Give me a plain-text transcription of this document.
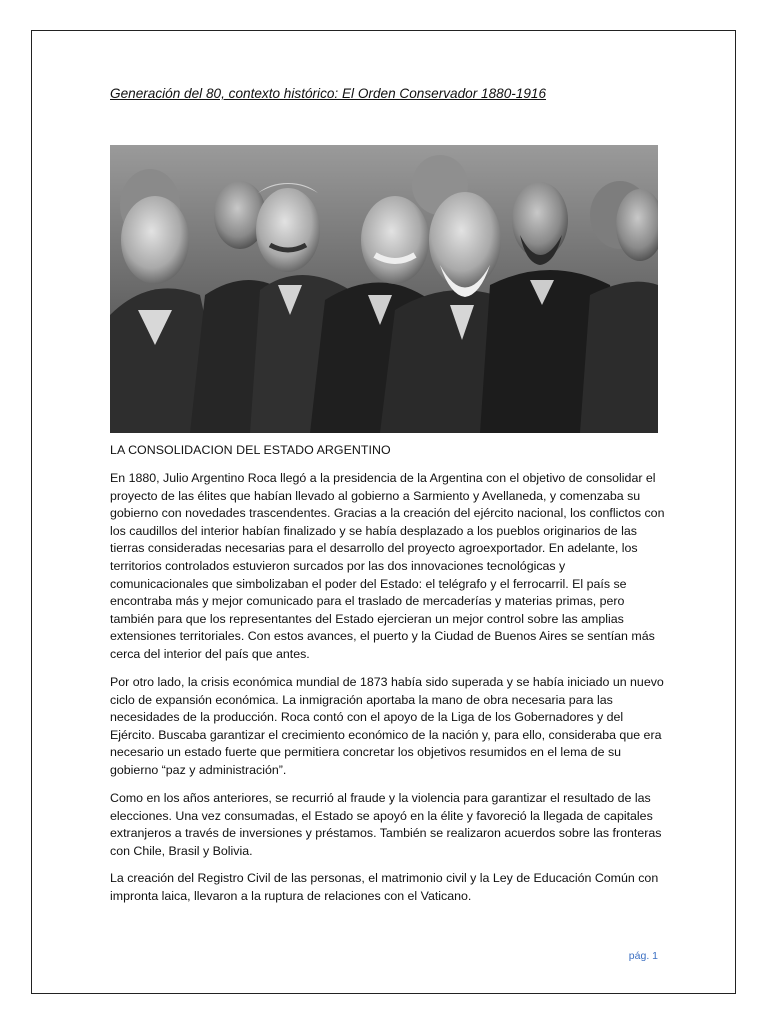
Generación del 80, contexto histórico: El Orden Conservador 1880-1916
LA CONSOLIDACION DEL ESTADO ARGENTINO

En 1880, Julio Argentino Roca llegó a la presidencia de la Argentina con el objetivo de consolidar el proyecto de las élites que habían llevado al gobierno a Sarmiento y Avellaneda, y comenzaba su gobierno con novedades trascendentes. Gracias a la creación del ejército nacional, los conflictos con los caudillos del interior habían finalizado y se había desplazado a los pueblos originarios de las tierras consideradas necesarias para el desarrollo del proyecto agroexportador. En adelante, los territorios controlados estuvieron surcados por las dos innovaciones tecnológicas y comunicacionales que simbolizaban el poder del Estado: el telégrafo y el ferrocarril. El país se encontraba más y mejor comunicado para el traslado de mercaderías y materias primas, pero también para que los representantes del Estado ejercieran un mejor control sobre las amplias extensiones territoriales. Con estos avances, el puerto y la Ciudad de Buenos Aires se sentían más cerca del interior del país que antes.

Por otro lado, la crisis económica mundial de 1873 había sido superada y se había iniciado un nuevo ciclo de expansión económica. La inmigración aportaba la mano de obra necesaria para las necesidades de la producción. Roca contó con el apoyo de la Liga de los Gobernadores y del Ejército. Buscaba garantizar el crecimiento económico de la nación y, para ello, consideraba que era necesario un estado fuerte que permitiera concretar los objetivos resumidos en el lema de su gobierno “paz y administración”.

Como en los años anteriores, se recurrió al fraude y la violencia para garantizar el resultado de las elecciones. Una vez consumadas, el Estado se apoyó en la élite y favoreció la llegada de capitales extranjeros a través de inversiones y préstamos. También se realizaron acuerdos sobre las fronteras con Chile, Brasil y Bolivia.

La creación del Registro Civil de las personas, el matrimonio civil y la Ley de Educación Común con impronta laica, llevaron a la ruptura de relaciones con el Vaticano.

pág. 1
